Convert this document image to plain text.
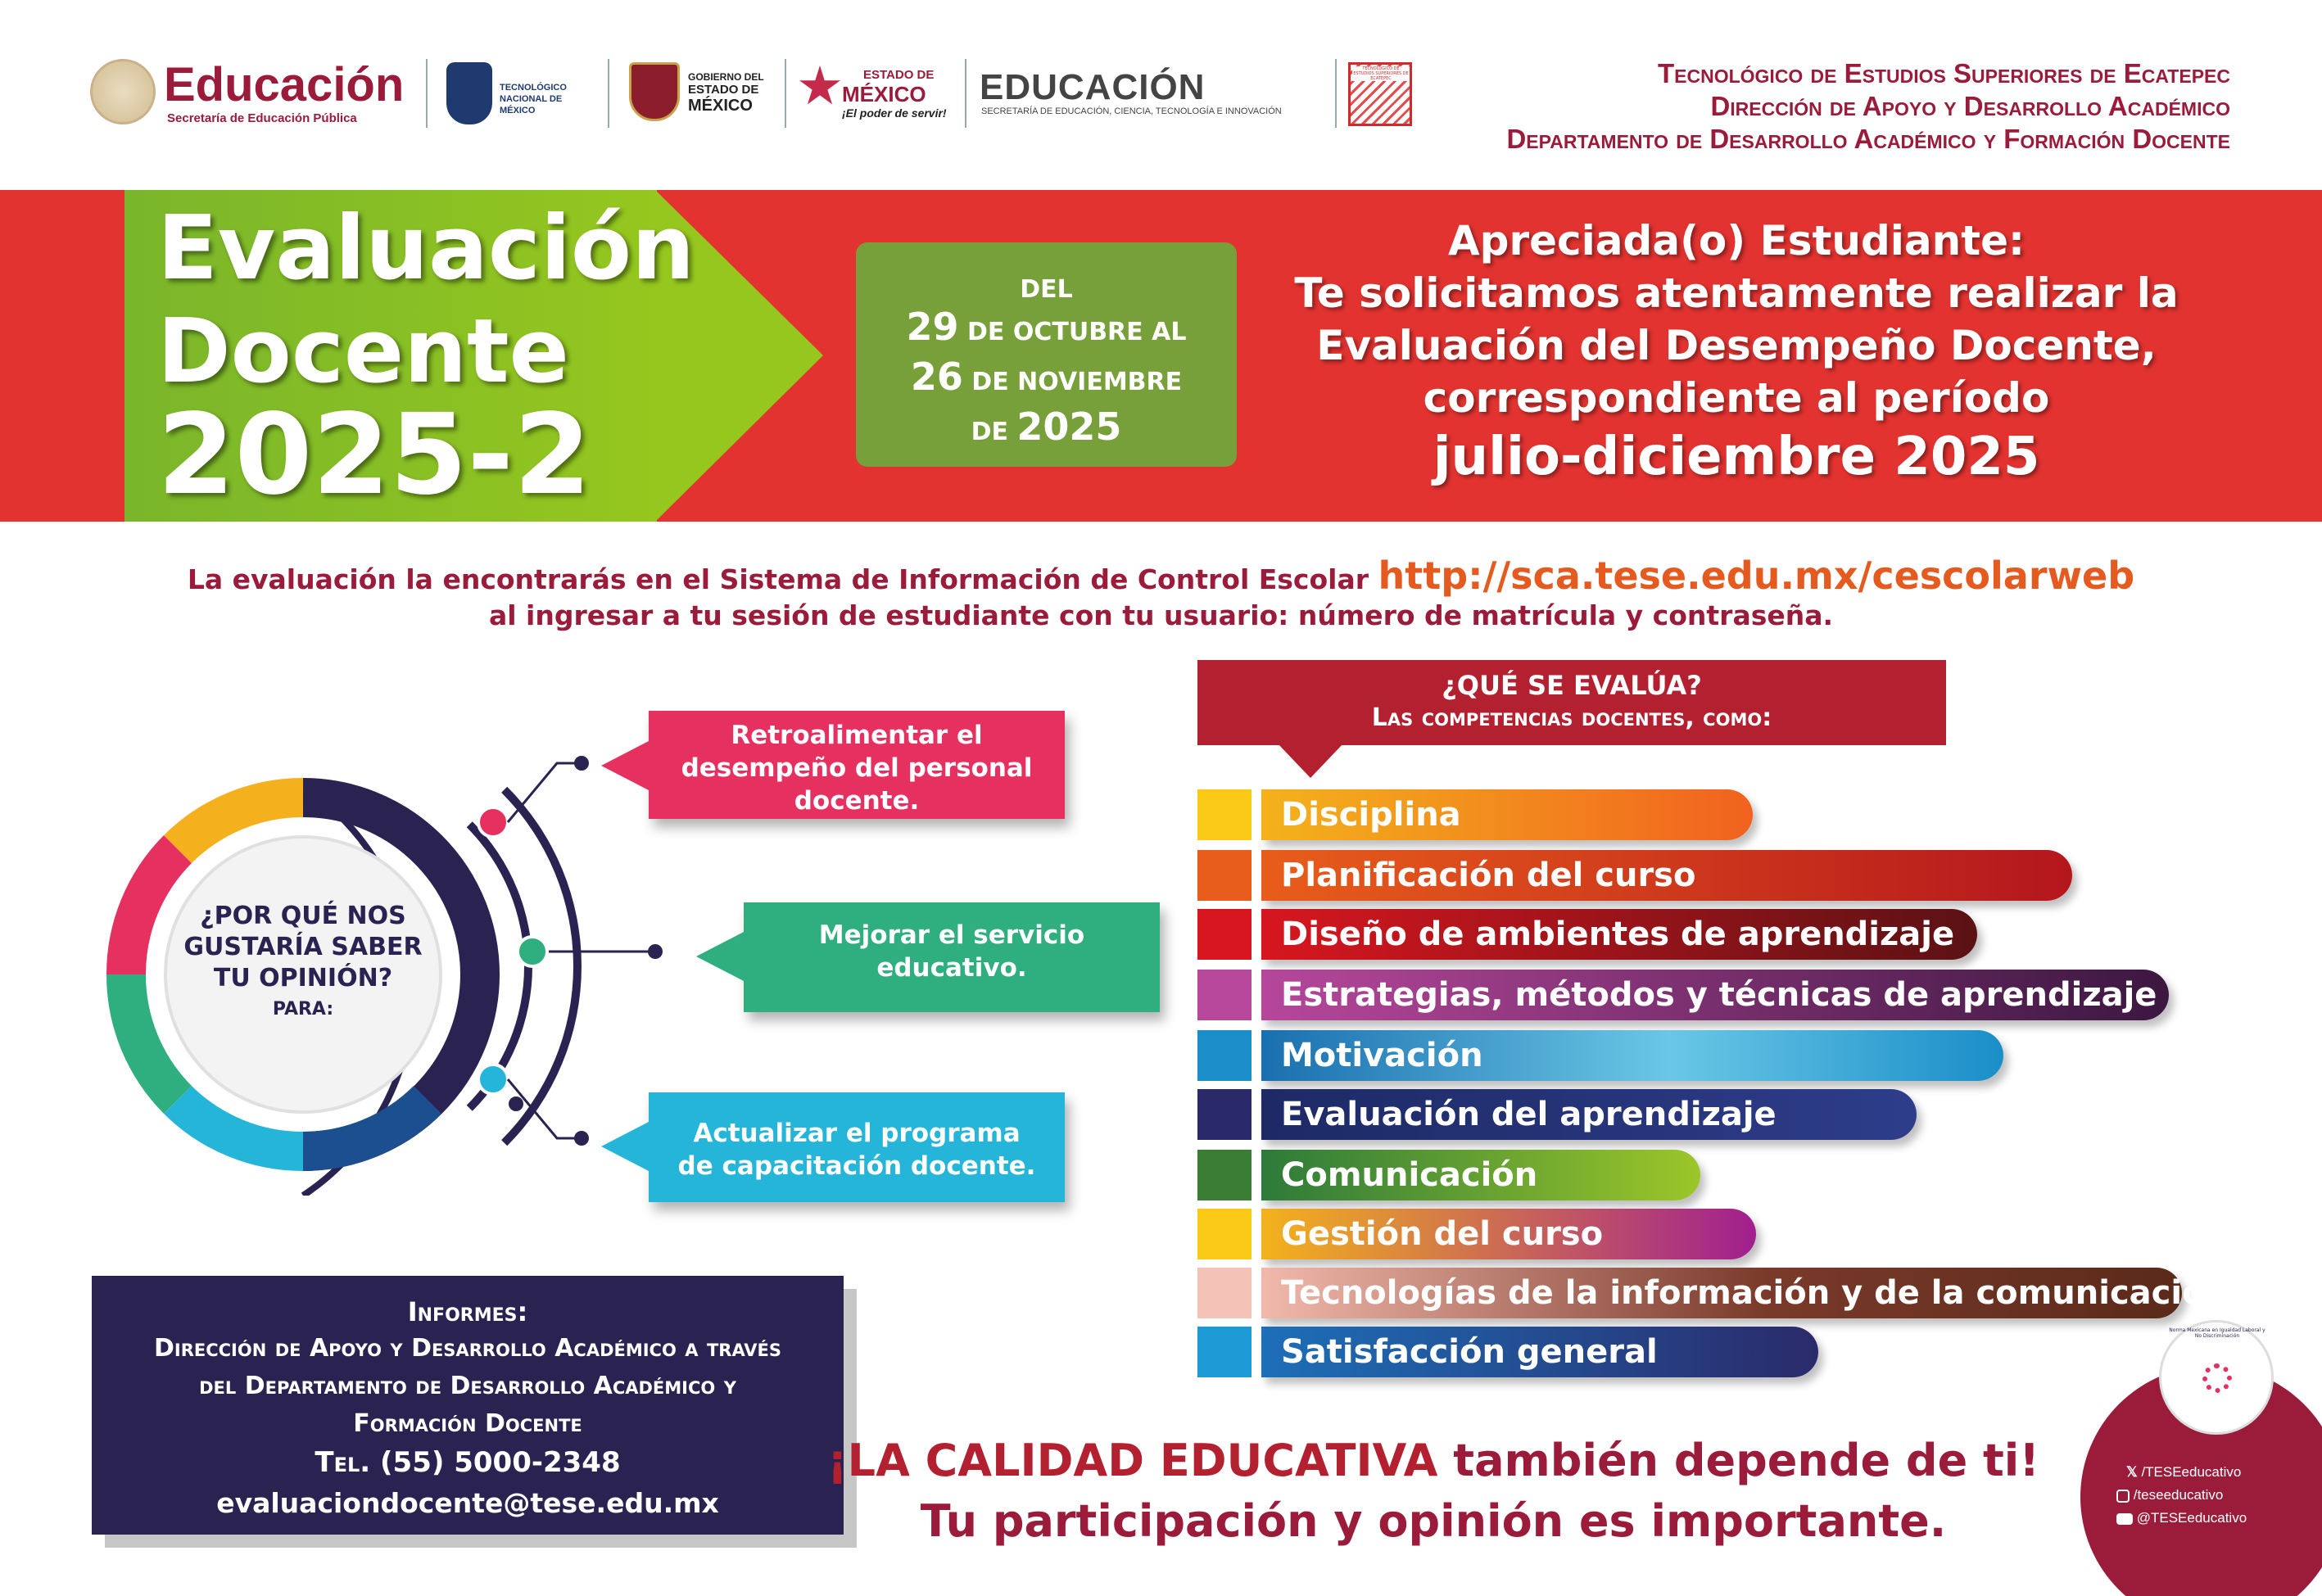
Educación
Secretaría de Educación Pública
TECNOLÓGICO NACIONAL DE MÉXICO
GOBIERNO DEL
ESTADO DE
MÉXICO
ESTADO DE
MÉXICO
¡El poder de servir!
EDUCACIÓN
SECRETARÍA DE EDUCACIÓN, CIENCIA, TECNOLOGÍA E INNOVACIÓN
TECNOLÓGICO DE ESTUDIOS SUPERIORES DE ECATEPEC	Tecnológico de Estudios Superiores de Ecatepec
Dirección de Apoyo y Desarrollo Académico
Departamento de Desarrollo Académico y Formación Docente
Evaluación
Docente
2025-2
DEL
29 DE OCTUBRE AL
26 DE NOVIEMBRE
DE 2025
Apreciada(o) Estudiante:
Te solicitamos atentamente realizar la
Evaluación del Desempeño Docente,
correspondiente al período
julio-diciembre 2025
La evaluación la encontrarás en el Sistema de Información de Control Escolar http://sca.tese.edu.mx/cescolarweb
al ingresar a tu sesión de estudiante con tu usuario: número de matrícula y contraseña.
¿POR QUÉ NOS
GUSTARÍA SABER
TU OPINIÓN?
PARA:
Retroalimentar el
desempeño del personal
docente.
Mejorar el servicio
educativo.
Actualizar el programa
de capacitación docente.
¿QUÉ SE EVALÚA?
Las competencias docentes, como:
Disciplina
Planificación del curso
Diseño de ambientes de aprendizaje
Estrategias, métodos y técnicas de aprendizaje
Motivación
Evaluación del aprendizaje
Comunicación
Gestión del curso
Tecnologías de la información y de la comunicación
Satisfacción general
Informes:
Dirección de Apoyo y Desarrollo Académico a través
del Departamento de Desarrollo Académico y
Formación Docente
Tel. (55) 5000-2348
evaluaciondocente@tese.edu.mx
¡LA CALIDAD EDUCATIVA también depende de ti!
Tu participación y opinión es importante.
Norma Mexicana en Igualdad Laboral y No Discriminación
𝕏 /TESEeducativo
/teseeducativo
@TESEeducativo
